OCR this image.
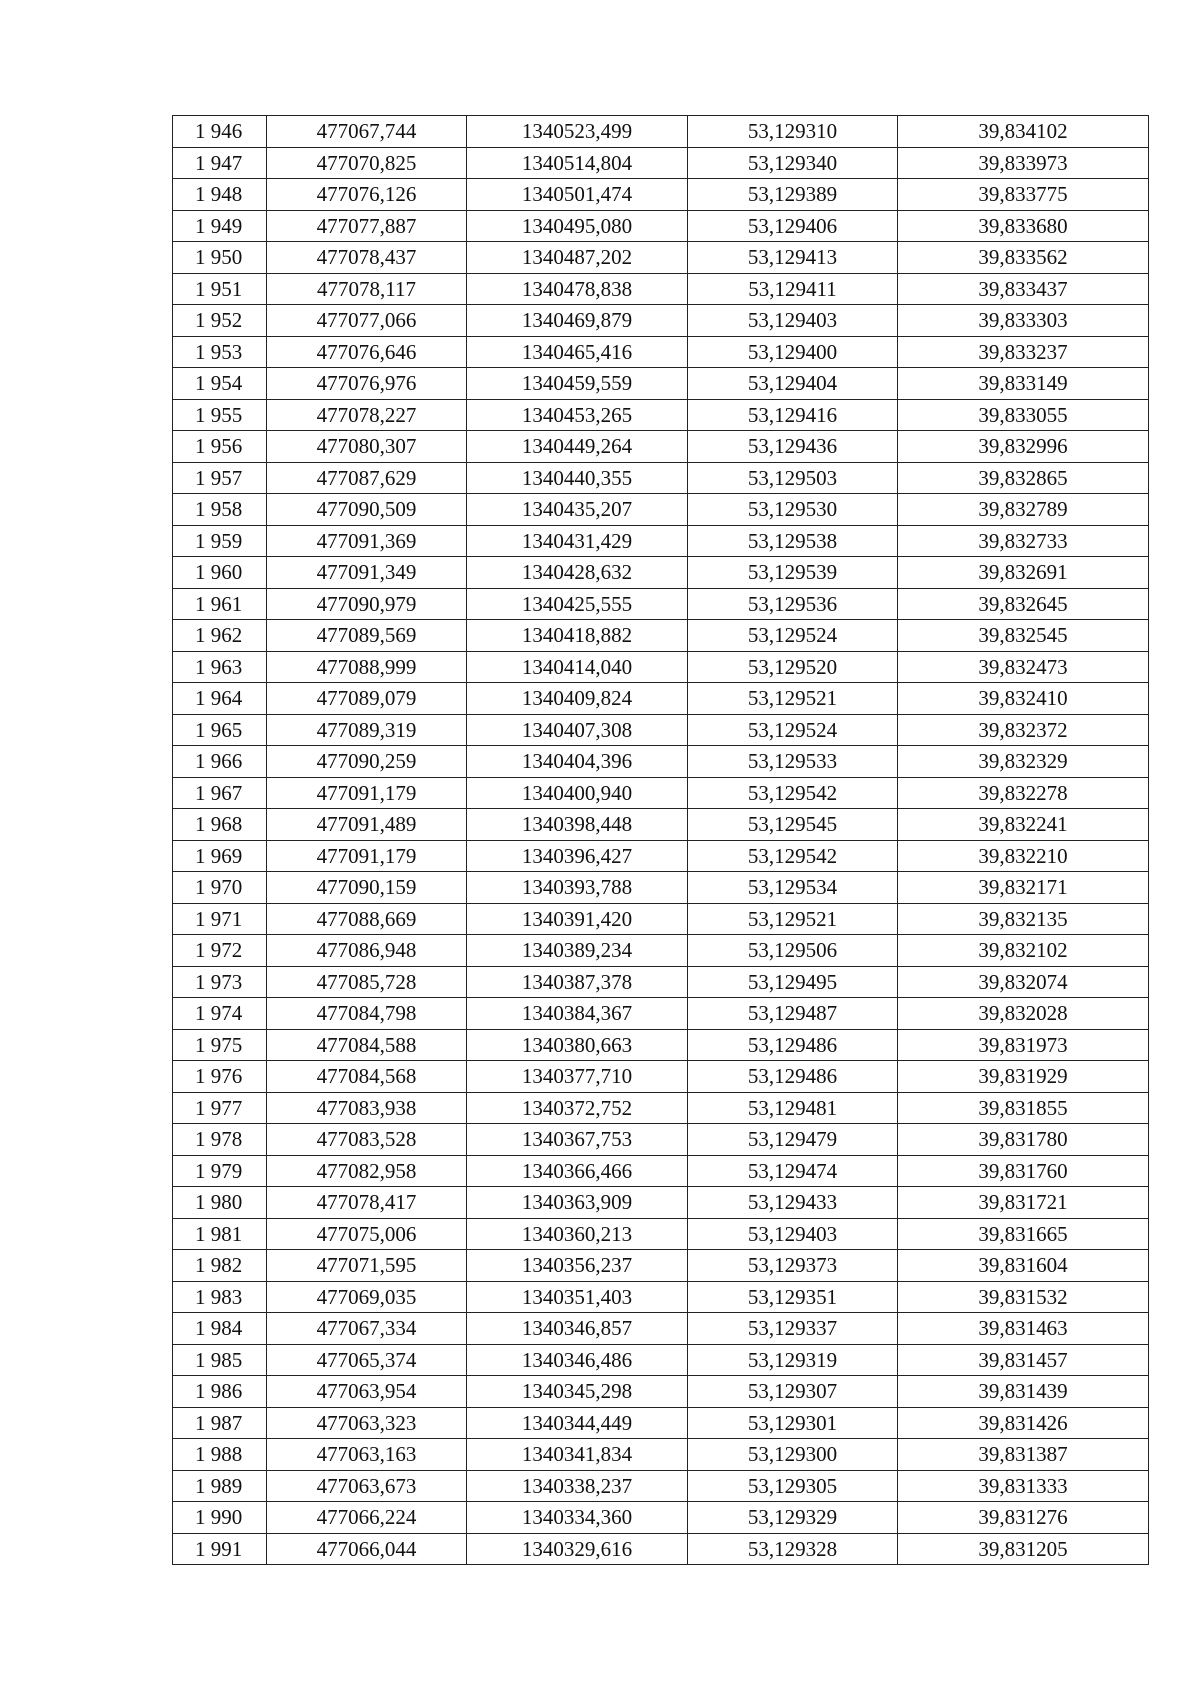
1 946	477067,744	1340523,499	53,129310	39,834102
1 947	477070,825	1340514,804	53,129340	39,833973
1 948	477076,126	1340501,474	53,129389	39,833775
1 949	477077,887	1340495,080	53,129406	39,833680
1 950	477078,437	1340487,202	53,129413	39,833562
1 951	477078,117	1340478,838	53,129411	39,833437
1 952	477077,066	1340469,879	53,129403	39,833303
1 953	477076,646	1340465,416	53,129400	39,833237
1 954	477076,976	1340459,559	53,129404	39,833149
1 955	477078,227	1340453,265	53,129416	39,833055
1 956	477080,307	1340449,264	53,129436	39,832996
1 957	477087,629	1340440,355	53,129503	39,832865
1 958	477090,509	1340435,207	53,129530	39,832789
1 959	477091,369	1340431,429	53,129538	39,832733
1 960	477091,349	1340428,632	53,129539	39,832691
1 961	477090,979	1340425,555	53,129536	39,832645
1 962	477089,569	1340418,882	53,129524	39,832545
1 963	477088,999	1340414,040	53,129520	39,832473
1 964	477089,079	1340409,824	53,129521	39,832410
1 965	477089,319	1340407,308	53,129524	39,832372
1 966	477090,259	1340404,396	53,129533	39,832329
1 967	477091,179	1340400,940	53,129542	39,832278
1 968	477091,489	1340398,448	53,129545	39,832241
1 969	477091,179	1340396,427	53,129542	39,832210
1 970	477090,159	1340393,788	53,129534	39,832171
1 971	477088,669	1340391,420	53,129521	39,832135
1 972	477086,948	1340389,234	53,129506	39,832102
1 973	477085,728	1340387,378	53,129495	39,832074
1 974	477084,798	1340384,367	53,129487	39,832028
1 975	477084,588	1340380,663	53,129486	39,831973
1 976	477084,568	1340377,710	53,129486	39,831929
1 977	477083,938	1340372,752	53,129481	39,831855
1 978	477083,528	1340367,753	53,129479	39,831780
1 979	477082,958	1340366,466	53,129474	39,831760
1 980	477078,417	1340363,909	53,129433	39,831721
1 981	477075,006	1340360,213	53,129403	39,831665
1 982	477071,595	1340356,237	53,129373	39,831604
1 983	477069,035	1340351,403	53,129351	39,831532
1 984	477067,334	1340346,857	53,129337	39,831463
1 985	477065,374	1340346,486	53,129319	39,831457
1 986	477063,954	1340345,298	53,129307	39,831439
1 987	477063,323	1340344,449	53,129301	39,831426
1 988	477063,163	1340341,834	53,129300	39,831387
1 989	477063,673	1340338,237	53,129305	39,831333
1 990	477066,224	1340334,360	53,129329	39,831276
1 991	477066,044	1340329,616	53,129328	39,831205
